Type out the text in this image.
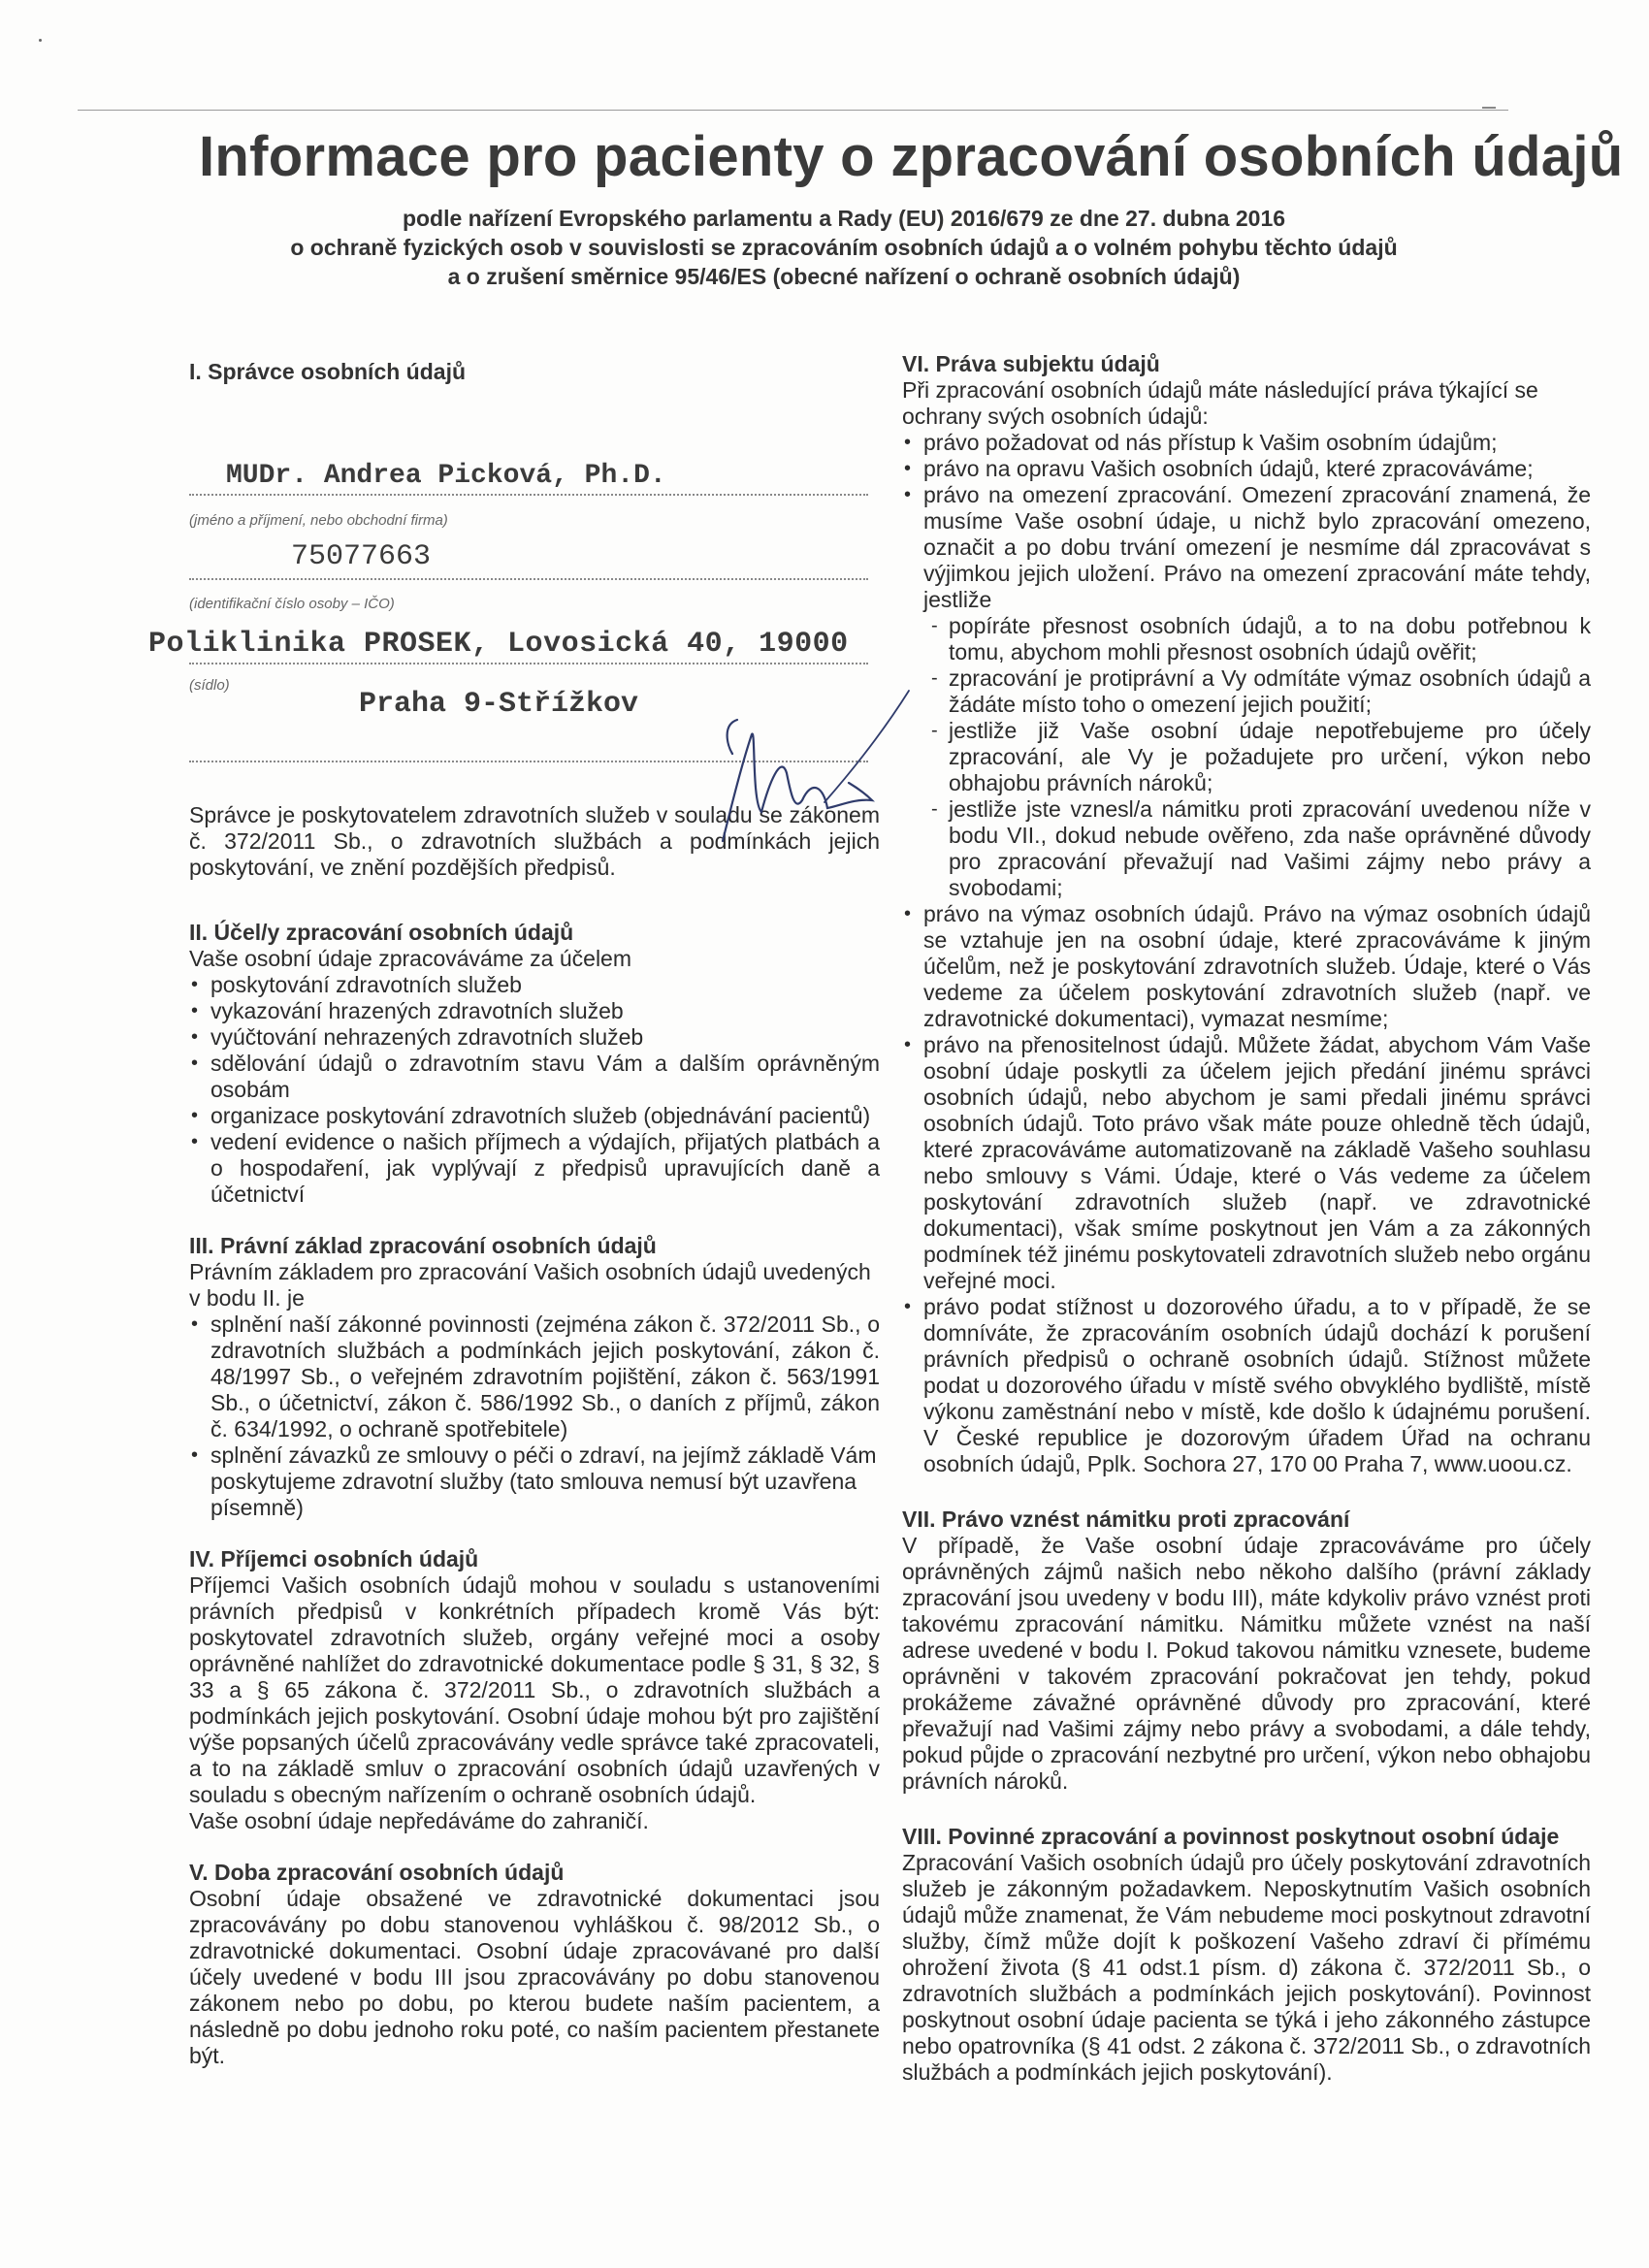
Informace pro pacienty o zpracování osobních údajů
podle nařízení Evropského parlamentu a Rady (EU) 2016/679 ze dne 27. dubna 2016
o ochraně fyzických osob v souvislosti se zpracováním osobních údajů a o volném pohybu těchto údajů
a o zrušení směrnice 95/46/ES (obecné nařízení o ochraně osobních údajů)
I. Správce osobních údajů
MUDr. Andrea Picková, Ph.D.
(jméno a příjmení, nebo obchodní firma)
75077663
(identifikační číslo osoby – IČO)
Poliklinika PROSEK, Lovosická 40, 19000
(sídlo)
Praha 9-Střížkov

Správce je poskytovatelem zdravotních služeb v souladu se zákonem č. 372/2011 Sb., o zdravotních službách a podmínkách jejich poskytování, ve znění pozdějších předpisů.

II. Účel/y zpracování osobních údajů

Vaše osobní údaje zpracováváme za účelem

• poskytování zdravotních služeb
• vykazování hrazených zdravotních služeb
• vyúčtování nehrazených zdravotních služeb
• sdělování údajů o zdravotním stavu Vám a dalším oprávněným osobám
• organizace poskytování zdravotních služeb (objednávání pacientů)
• vedení evidence o našich příjmech a výdajích, přijatých platbách a o hospodaření, jak vyplývají z předpisů upravujících daně a účetnictví
III. Právní základ zpracování osobních údajů

Právním základem pro zpracování Vašich osobních údajů uvedených v bodu II. je

• splnění naší zákonné povinnosti (zejména zákon č. 372/2011 Sb., o zdravotních službách a podmínkách jejich poskytování, zákon č. 48/1997 Sb., o veřejném zdravotním pojištění, zákon č. 563/1991 Sb., o účetnictví, zákon č. 586/1992 Sb., o daních z příjmů, zákon č. 634/1992, o ochraně spotřebitele)
• splnění závazků ze smlouvy o péči o zdraví, na jejímž základě Vám poskytujeme zdravotní služby (tato smlouva nemusí být uzavřena písemně)
IV. Příjemci osobních údajů

Příjemci Vašich osobních údajů mohou v souladu s ustanoveními právních předpisů v konkrétních případech kromě Vás být: poskytovatel zdravotních služeb, orgány veřejné moci a osoby oprávněné nahlížet do zdravotnické dokumentace podle § 31, § 32, § 33 a § 65 zákona č. 372/2011 Sb., o zdravotních službách a podmínkách jejich poskytování. Osobní údaje mohou být pro zajištění výše popsaných účelů zpracovávány vedle správce také zpracovateli, a to na základě smluv o zpracování osobních údajů uzavřených v souladu s obecným nařízením o ochraně osobních údajů.

Vaše osobní údaje nepředáváme do zahraničí.

V. Doba zpracování osobních údajů

Osobní údaje obsažené ve zdravotnické dokumentaci jsou zpracovávány po dobu stanovenou vyhláškou č. 98/2012 Sb., o zdravotnické dokumentaci. Osobní údaje zpracovávané pro další účely uvedené v bodu III jsou zpracovávány po dobu stanovenou zákonem nebo po dobu, po kterou budete naším pacientem, a následně po dobu jednoho roku poté, co naším pacientem přestanete být.

VI. Práva subjektu údajů

Při zpracování osobních údajů máte následující práva týkající se ochrany svých osobních údajů:

• právo požadovat od nás přístup k Vašim osobním údajům;
• právo na opravu Vašich osobních údajů, které zpracováváme;
• právo na omezení zpracování. Omezení zpracování znamená, že musíme Vaše osobní údaje, u nichž bylo zpracování omezeno, označit a po dobu trvání omezení je nesmíme dál zpracovávat s výjimkou jejich uložení. Právo na omezení zpracování máte tehdy, jestliže
- popíráte přesnost osobních údajů, a to na dobu potřebnou k tomu, abychom mohli přesnost osobních údajů ověřit;
- zpracování je protiprávní a Vy odmítáte výmaz osobních údajů a žádáte místo toho o omezení jejich použití;
- jestliže již Vaše osobní údaje nepotřebujeme pro účely zpracování, ale Vy je požadujete pro určení, výkon nebo obhajobu právních nároků;
- jestliže jste vznesl/a námitku proti zpracování uvedenou níže v bodu VII., dokud nebude ověřeno, zda naše oprávněné důvody pro zpracování převažují nad Vašimi zájmy nebo právy a svobodami;
• právo na výmaz osobních údajů. Právo na výmaz osobních údajů se vztahuje jen na osobní údaje, které zpracováváme k jiným účelům, než je poskytování zdravotních služeb. Údaje, které o Vás vedeme za účelem poskytování zdravotních služeb (např. ve zdravotnické dokumentaci), vymazat nesmíme;
• právo na přenositelnost údajů. Můžete žádat, abychom Vám Vaše osobní údaje poskytli za účelem jejich předání jinému správci osobních údajů, nebo abychom je sami předali jinému správci osobních údajů. Toto právo však máte pouze ohledně těch údajů, které zpracováváme automatizovaně na základě Vašeho souhlasu nebo smlouvy s Vámi. Údaje, které o Vás vedeme za účelem poskytování zdravotních služeb (např. ve zdravotnické dokumentaci), však smíme poskytnout jen Vám a za zákonných podmínek též jinému poskytovateli zdravotních služeb nebo orgánu veřejné moci.
• právo podat stížnost u dozorového úřadu, a to v případě, že se domníváte, že zpracováním osobních údajů dochází k porušení právních předpisů o ochraně osobních údajů. Stížnost můžete podat u dozorového úřadu v místě svého obvyklého bydliště, místě výkonu zaměstnání nebo v místě, kde došlo k údajnému porušení. V České republice je dozorovým úřadem Úřad na ochranu osobních údajů, Pplk. Sochora 27, 170 00 Praha 7, www.uoou.cz.
VII. Právo vznést námitku proti zpracování

V případě, že Vaše osobní údaje zpracováváme pro účely oprávněných zájmů našich nebo někoho dalšího (právní základy zpracování jsou uvedeny v bodu III), máte kdykoliv právo vznést proti takovému zpracování námitku. Námitku můžete vznést na naší adrese uvedené v bodu I. Pokud takovou námitku vznesete, budeme oprávněni v takovém zpracování pokračovat jen tehdy, pokud prokážeme závažné oprávněné důvody pro zpracování, které převažují nad Vašimi zájmy nebo právy a svobodami, a dále tehdy, pokud půjde o zpracování nezbytné pro určení, výkon nebo obhajobu právních nároků.

VIII. Povinné zpracování a povinnost poskytnout osobní údaje

Zpracování Vašich osobních údajů pro účely poskytování zdravotních služeb je zákonným požadavkem. Neposkytnutím Vašich osobních údajů může znamenat, že Vám nebudeme moci poskytnout zdravotní služby, čímž může dojít k poškození Vašeho zdraví či přímému ohrožení života (§ 41 odst.1 písm. d) zákona č. 372/2011 Sb., o zdravotních službách a podmínkách jejich poskytování). Povinnost poskytnout osobní údaje pacienta se týká i jeho zákonného zástupce nebo opatrovníka (§ 41 odst. 2 zákona č. 372/2011 Sb., o zdravotních službách a podmínkách jejich poskytování).
